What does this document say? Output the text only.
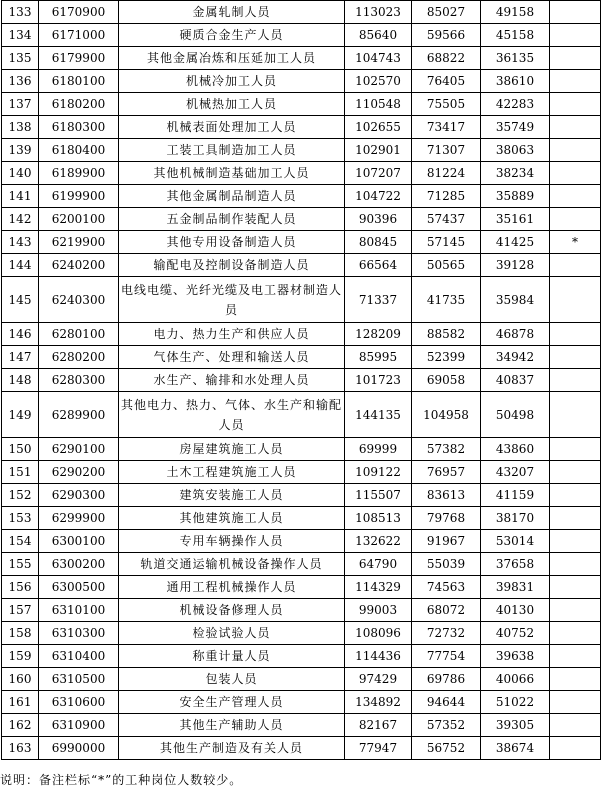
133	6170900	金属轧制人员	113023	85027	49158	
134	6171000	硬质合金生产人员	85640	59566	45158	
135	6179900	其他金属冶炼和压延加工人员	104743	68822	36135	
136	6180100	机械冷加工人员	102570	76405	38610	
137	6180200	机械热加工人员	110548	75505	42283	
138	6180300	机械表面处理加工人员	102655	73417	35749	
139	6180400	工装工具制造加工人员	102901	71307	38063	
140	6189900	其他机械制造基础加工人员	107207	81224	38234	
141	6199900	其他金属制品制造人员	104722	71285	35889	
142	6200100	五金制品制作装配人员	90396	57437	35161	
143	6219900	其他专用设备制造人员	80845	57145	41425	*
144	6240200	输配电及控制设备制造人员	66564	50565	39128	
145	6240300	电线电缆、光纤光缆及电工器材制造人员	71337	41735	35984	
146	6280100	电力、热力生产和供应人员	128209	88582	46878	
147	6280200	气体生产、处理和输送人员	85995	52399	34942	
148	6280300	水生产、输排和水处理人员	101723	69058	40837	
149	6289900	其他电力、热力、气体、水生产和输配人员	144135	104958	50498	
150	6290100	房屋建筑施工人员	69999	57382	43860	
151	6290200	土木工程建筑施工人员	109122	76957	43207	
152	6290300	建筑安装施工人员	115507	83613	41159	
153	6299900	其他建筑施工人员	108513	79768	38170	
154	6300100	专用车辆操作人员	132622	91967	53014	
155	6300200	轨道交通运输机械设备操作人员	64790	55039	37658	
156	6300500	通用工程机械操作人员	114329	74563	39831	
157	6310100	机械设备修理人员	99003	68072	40130	
158	6310300	检验试验人员	108096	72732	40752	
159	6310400	称重计量人员	114436	77754	39638	
160	6310500	包装人员	97429	69786	40066	
161	6310600	安全生产管理人员	134892	94644	51022	
162	6310900	其他生产辅助人员	82167	57352	39305	
163	6990000	其他生产制造及有关人员	77947	56752	38674	
说明：备注栏标“*”的工种岗位人数较少。
